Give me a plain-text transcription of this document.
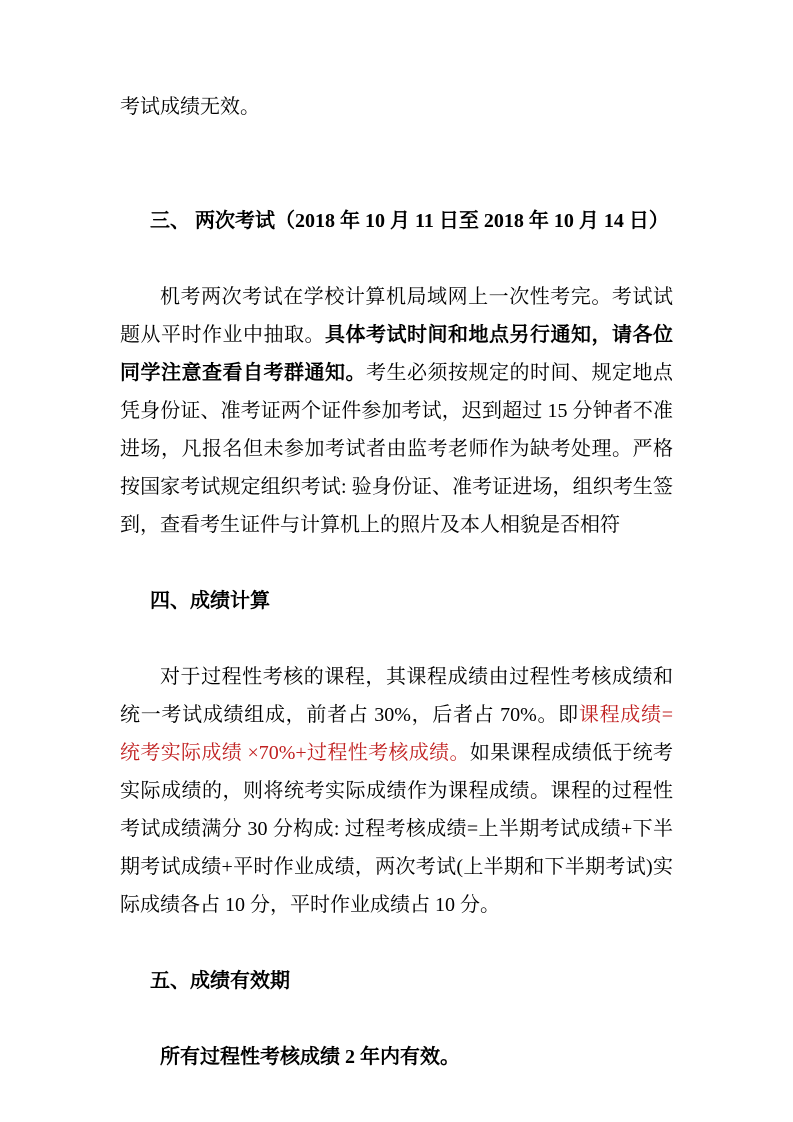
考试成绩无效。

三、 两次考试（2018 年 10 月 11 日至 2018 年 10 月 14 日）

机考两次考试在学校计算机局域网上一次性考完。考试试题从平时作业中抽取。具体考试时间和地点另行通知，请各位同学注意查看自考群通知。考生必须按规定的时间、规定地点凭身份证、准考证两个证件参加考试，迟到超过 15 分钟者不准进场，凡报名但未参加考试者由监考老师作为缺考处理。严格按国家考试规定组织考试: 验身份证、准考证进场，组织考生签到，查看考生证件与计算机上的照片及本人相貌是否相符

四、成绩计算

对于过程性考核的课程，其课程成绩由过程性考核成绩和统一考试成绩组成，前者占 30%，后者占 70%。即课程成绩=统考实际成绩 ×70%+过程性考核成绩。如果课程成绩低于统考实际成绩的，则将统考实际成绩作为课程成绩。课程的过程性考试成绩满分 30 分构成: 过程考核成绩=上半期考试成绩+下半期考试成绩+平时作业成绩，两次考试(上半期和下半期考试)实际成绩各占 10 分，平时作业成绩占 10 分。

五、成绩有效期

所有过程性考核成绩 2 年内有效。
